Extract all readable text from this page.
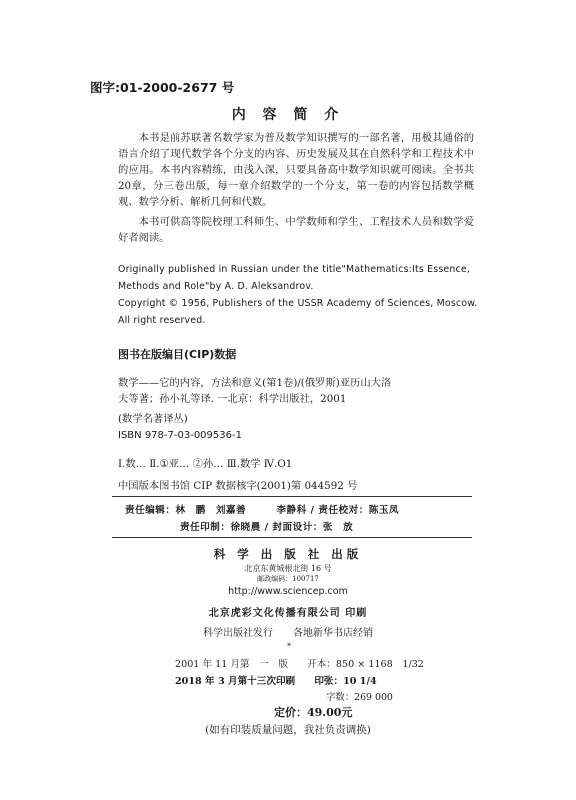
图字:01-2000-2677 号
内 容 简 介
本书是前苏联著名数学家为普及数学知识撰写的一部名著，用极其通俗的语言介绍了现代数学各个分支的内容、历史发展及其在自然科学和工程技术中的应用。本书内容精练，由浅入深，只要具备高中数学知识就可阅读。全书共20章，分三卷出版，每一章介绍数学的一个分支，第一卷的内容包括数学概观、数学分析、解析几何和代数。
本书可供高等院校理工科师生、中学数师和学生、工程技术人员和数学爱好者阅读。
Originally published in Russian under the title"Mathematics:Its Essence,
Methods and Role"by A. D. Aleksandrov.
Copyright © 1956, Publishers of the USSR Academy of Sciences, Moscow.
All right reserved.
图书在版编目(CIP)数据
数学——它的内容，方法和意义(第1卷)/(俄罗斯)亚历山大洛
夫等著；孙小礼等译. 一北京：科学出版社，2001
(数学名著译丛)
ISBN 978-7-03-009536-1
Ⅰ.数… Ⅱ.①亚… ②孙… Ⅲ.数学 Ⅳ.O1
中国版本图书馆 CIP 数据核字(2001)第 044592 号
责任编辑：林　鹏　刘嘉善　　　李静科 / 责任校对：陈玉凤
责任印制：徐晓晨 / 封面设计：张　放
科 学 出 版 社 出版
北京东黄城根北街 16 号
邮政编码：100717
http://www.sciencep.com
北京虎彩文化传播有限公司 印刷
科学出版社发行　　各地新华书店经销
*
2001 年 11 月第　一　版　　开本：850 × 1168　1/32
2018 年 3 月第十三次印刷　　印张：10 1/4
字数：269 000
定价：49.00元
(如有印装质量问题，我社负责调换)
